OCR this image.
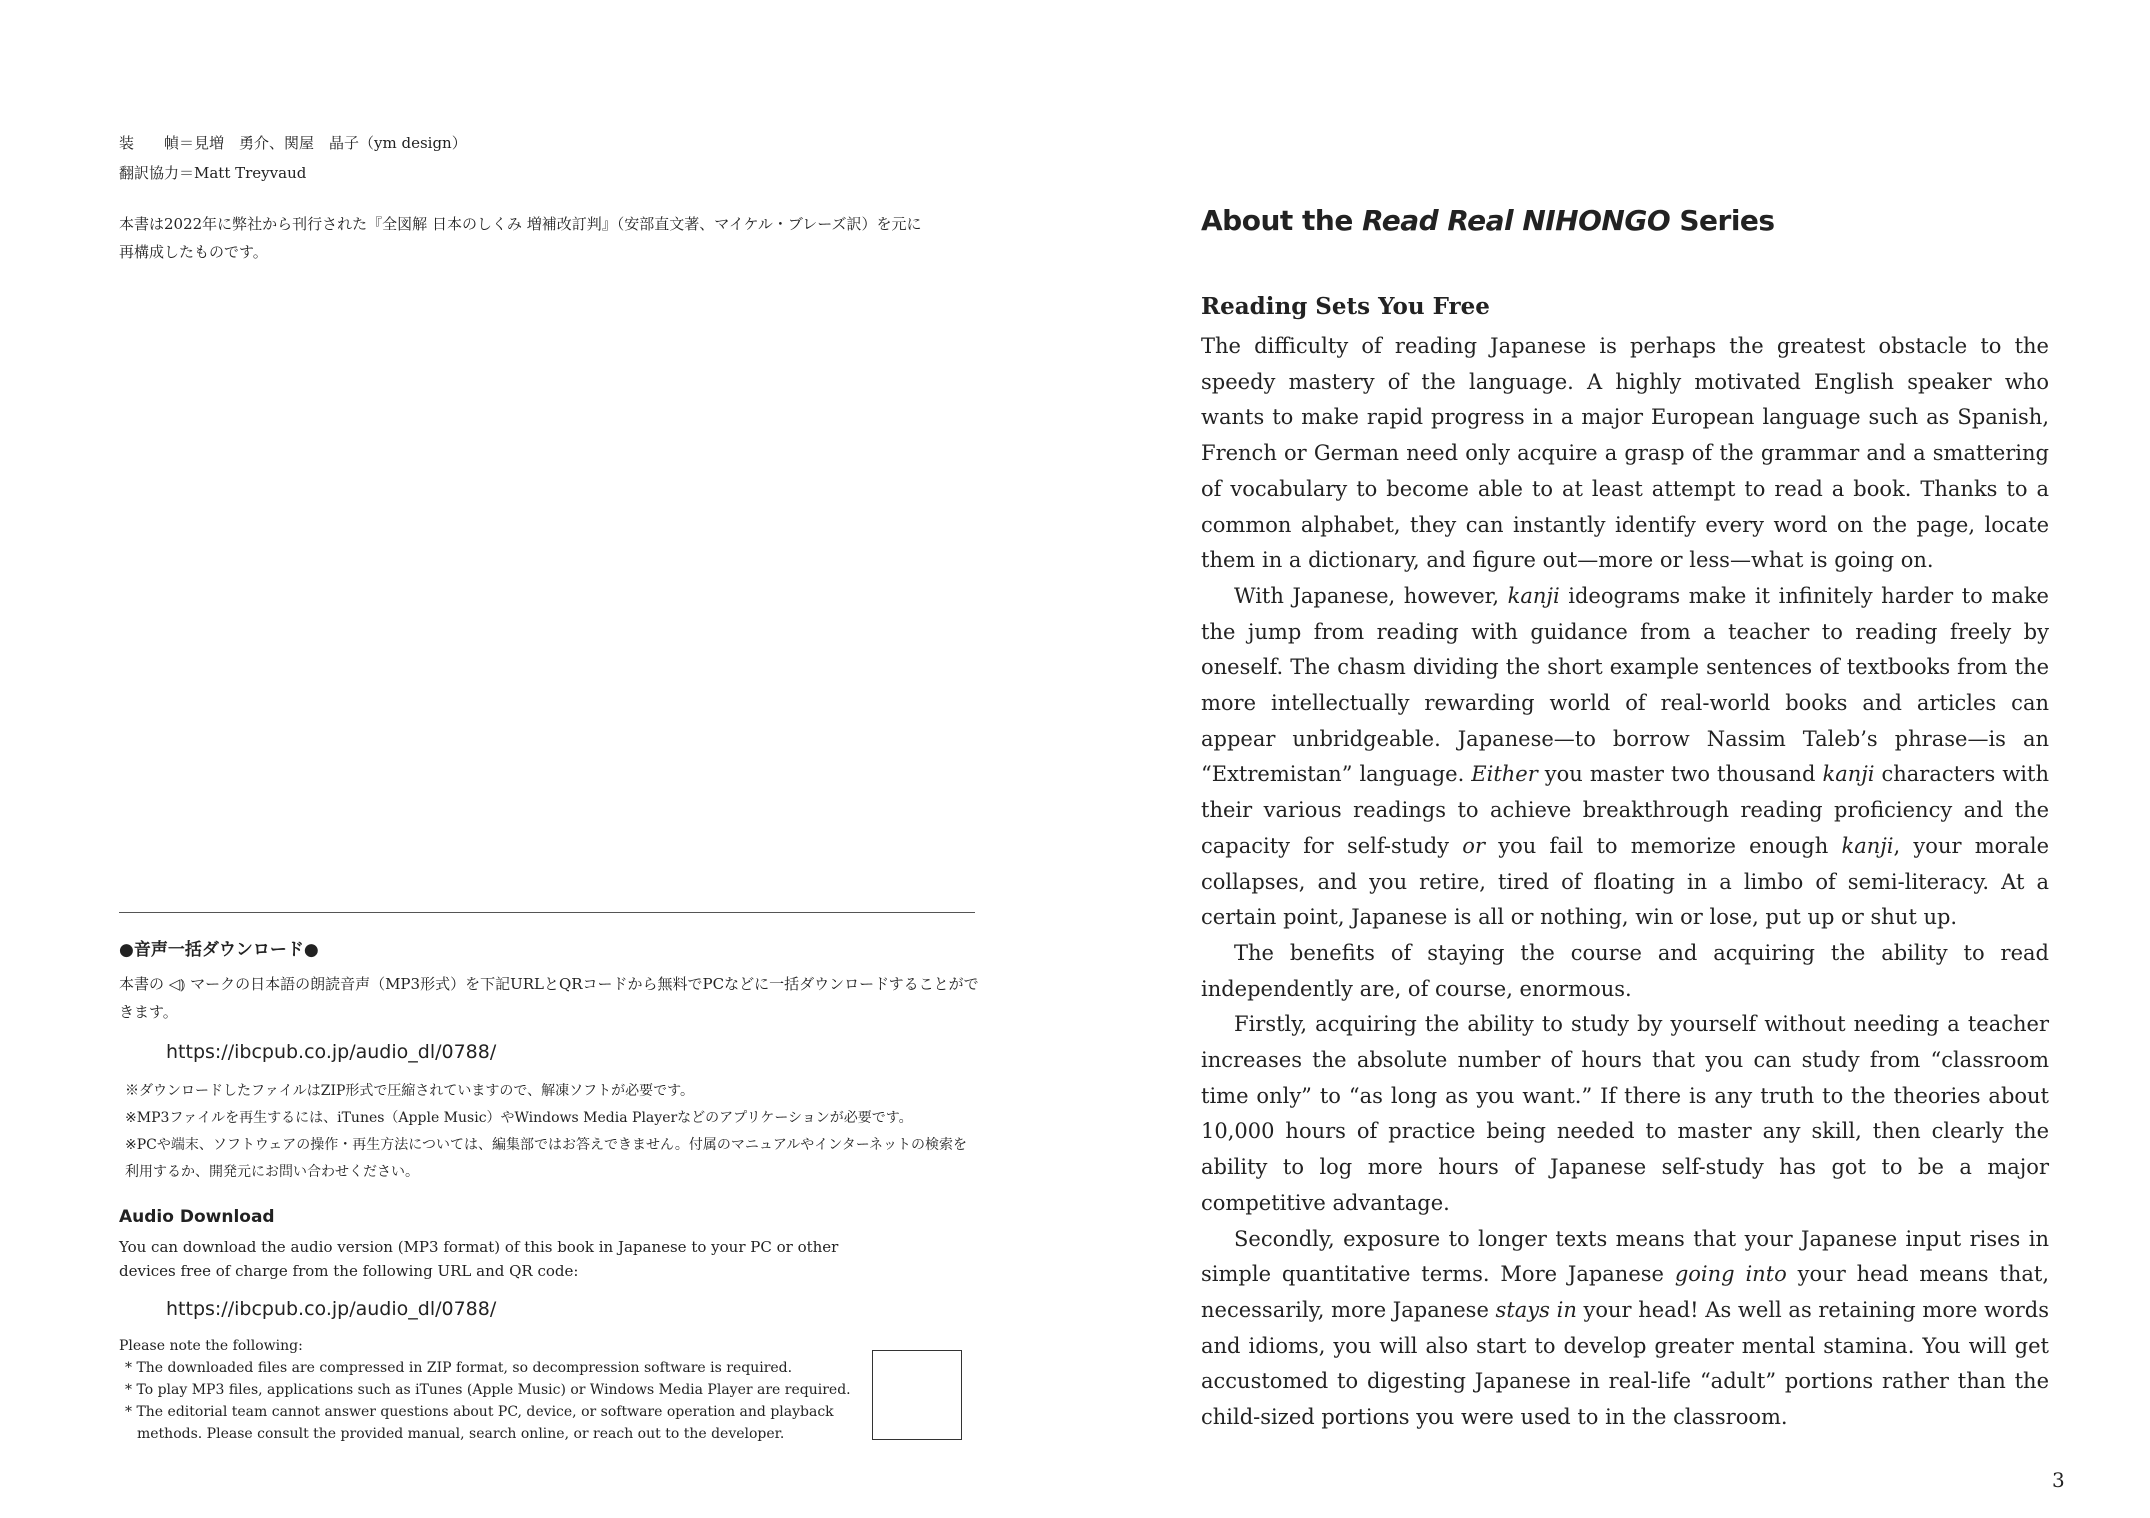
装　　幀＝見増　勇介、関屋　晶子（ym design）

翻訳協力＝Matt Treyvaud

本書は2022年に弊社から刊行された『全図解 日本のしくみ 増補改訂判』（安部直文著、マイケル・ブレーズ訳）を元に

再構成したものです。

●音声一括ダウンロード●

本書の ◁⦆ マークの日本語の朗読音声（MP3形式）を下記URLとQRコードから無料でPCなどに一括ダウンロードすることができます。

https://ibcpub.co.jp/audio_dl/0788/

※ダウンロードしたファイルはZIP形式で圧縮されていますので、解凍ソフトが必要です。

※MP3ファイルを再生するには、iTunes（Apple Music）やWindows Media Playerなどのアプリケーションが必要です。

※PCや端末、ソフトウェアの操作・再生方法については、編集部ではお答えできません。付属のマニュアルやインターネットの検索を利用するか、開発元にお問い合わせください。

Audio Download

You can download the audio version (MP3 format) of this book in Japanese to your PC or other devices free of charge from the following URL and QR code:

https://ibcpub.co.jp/audio_dl/0788/

Please note the following:

* The downloaded files are compressed in ZIP format, so decompression software is required.
* To play MP3 files, applications such as iTunes (Apple Music) or Windows Media Player are required.
* The editorial team cannot answer questions about PC, device, or software operation and playback methods. Please consult the provided manual, search online, or reach out to the developer.
About the Read Real NIHONGO Series
Reading Sets You Free

The difficulty of reading Japanese is perhaps the greatest obstacle to the speedy mastery of the language. A highly motivated English speaker who wants to make rapid progress in a major European language such as Spanish, French or German need only acquire a grasp of the grammar and a smattering of vocabulary to become able to at least attempt to read a book. Thanks to a common alphabet, they can instantly identify every word on the page, locate them in a dictionary, and figure out—more or less—what is going on.

With Japanese, however, kanji ideograms make it infinitely harder to make the jump from reading with guidance from a teacher to reading freely by oneself. The chasm dividing the short example sentences of textbooks from the more intellectually rewarding world of real-world books and articles can appear unbridgeable. Japanese—to borrow Nassim Taleb’s phrase—is an “Extremistan” language. Either you master two thousand kanji characters with their various readings to achieve breakthrough reading proficiency and the capacity for self-study or you fail to memorize enough kanji, your morale collapses, and you retire, tired of floating in a limbo of semi-literacy. At a certain point, Japanese is all or nothing, win or lose, put up or shut up.

The benefits of staying the course and acquiring the ability to read independently are, of course, enormous.

Firstly, acquiring the ability to study by yourself without needing a teacher increases the absolute number of hours that you can study from “classroom time only” to “as long as you want.” If there is any truth to the theories about 10,000 hours of practice being needed to master any skill, then clearly the ability to log more hours of Japanese self-study has got to be a major competitive advantage.

Secondly, exposure to longer texts means that your Japanese input rises in simple quantitative terms. More Japanese going into your head means that, necessarily, more Japanese stays in your head! As well as retaining more words and idioms, you will also start to develop greater mental stamina. You will get accustomed to digesting Japanese in real-life “adult” portions rather than the child-sized portions you were used to in the classroom.

3
